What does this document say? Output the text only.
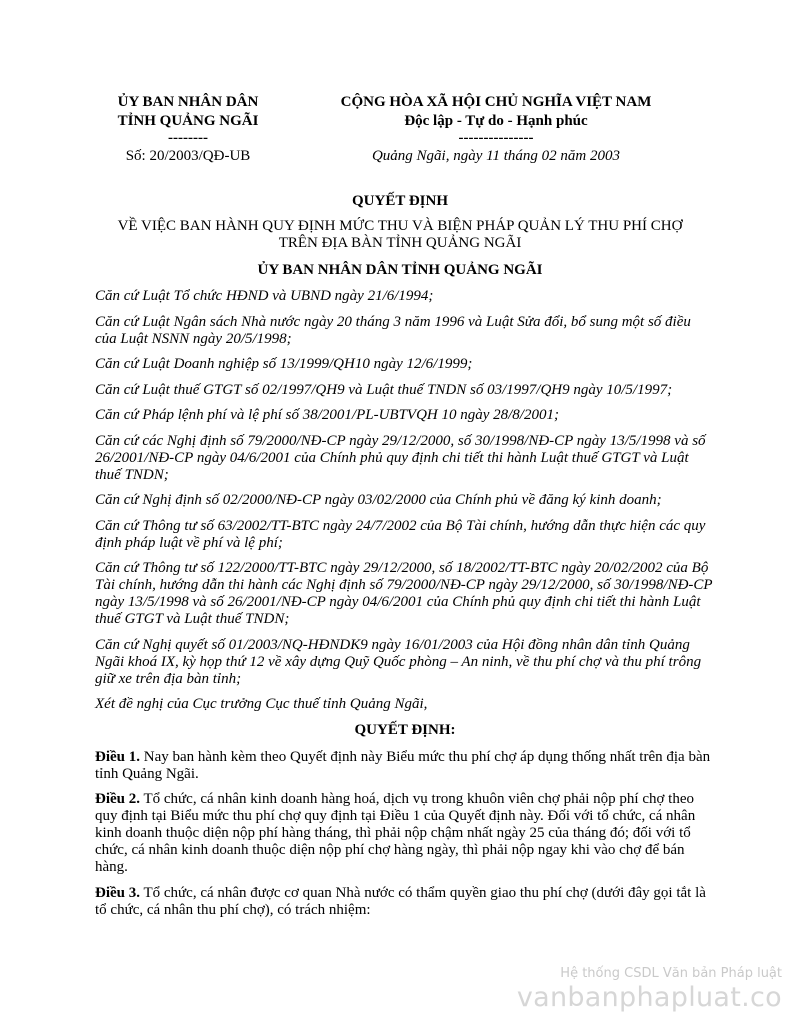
ỦY BAN NHÂN DÂN
TỈNH QUẢNG NGÃI
--------
Số: 20/2003/QĐ-UB
CỘNG HÒA XÃ HỘI CHỦ NGHĨA VIỆT NAM
Độc lập - Tự do - Hạnh phúc
---------------
Quảng Ngãi, ngày 11 tháng 02 năm 2003
QUYẾT ĐỊNH
VỀ VIỆC BAN HÀNH QUY ĐỊNH MỨC THU VÀ BIỆN PHÁP QUẢN LÝ THU PHÍ CHỢ
TRÊN ĐỊA BÀN TỈNH QUẢNG NGÃI
ỦY BAN NHÂN DÂN TỈNH QUẢNG NGÃI

Căn cứ Luật Tổ chức HĐND và UBND ngày 21/6/1994;

Căn cứ Luật Ngân sách Nhà nước ngày 20 tháng 3 năm 1996 và Luật Sửa đổi, bổ sung một số điều của Luật NSNN ngày 20/5/1998;

Căn cứ Luật Doanh nghiệp số 13/1999/QH10 ngày 12/6/1999;

Căn cứ Luật thuế GTGT số 02/1997/QH9 và Luật thuế TNDN số 03/1997/QH9 ngày 10/5/1997;

Căn cứ Pháp lệnh phí và lệ phí số 38/2001/PL-UBTVQH 10 ngày 28/8/2001;

Căn cứ các Nghị định số 79/2000/NĐ-CP ngày 29/12/2000, số 30/1998/NĐ-CP ngày 13/5/1998 và số 26/2001/NĐ-CP ngày 04/6/2001 của Chính phủ quy định chi tiết thi hành Luật thuế GTGT và Luật thuế TNDN;

Căn cứ Nghị định số 02/2000/NĐ-CP ngày 03/02/2000 của Chính phủ về đăng ký kinh doanh;

Căn cứ Thông tư số 63/2002/TT-BTC ngày 24/7/2002 của Bộ Tài chính, hướng dẫn thực hiện các quy định pháp luật về phí và lệ phí;

Căn cứ Thông tư số 122/2000/TT-BTC ngày 29/12/2000, số 18/2002/TT-BTC ngày 20/02/2002 của Bộ Tài chính, hướng dẫn thi hành các Nghị định số 79/2000/NĐ-CP ngày 29/12/2000, số 30/1998/NĐ-CP ngày 13/5/1998 và số 26/2001/NĐ-CP ngày 04/6/2001 của Chính phủ quy định chi tiết thi hành Luật thuế GTGT và Luật thuế TNDN;

Căn cứ Nghị quyết số 01/2003/NQ-HĐNDK9 ngày 16/01/2003 của Hội đồng nhân dân tỉnh Quảng Ngãi khoá IX, kỳ họp thứ 12 về xây dựng Quỹ Quốc phòng – An ninh, về thu phí chợ và thu phí trông giữ xe trên địa bàn tỉnh;

Xét đề nghị của Cục trưởng Cục thuế tỉnh Quảng Ngãi,

QUYẾT ĐỊNH:

Điều 1. Nay ban hành kèm theo Quyết định này Biểu mức thu phí chợ áp dụng thống nhất trên địa bàn tỉnh Quảng Ngãi.

Điều 2. Tổ chức, cá nhân kinh doanh hàng hoá, dịch vụ trong khuôn viên chợ phải nộp phí chợ theo quy định tại Biểu mức thu phí chợ quy định tại Điều 1 của Quyết định này. Đối với tổ chức, cá nhân kinh doanh thuộc diện nộp phí hàng tháng, thì phải nộp chậm nhất ngày 25 của tháng đó; đối với tổ chức, cá nhân kinh doanh thuộc diện nộp phí chợ hàng ngày, thì phải nộp ngay khi vào chợ để bán hàng.

Điều 3. Tổ chức, cá nhân được cơ quan Nhà nước có thẩm quyền giao thu phí chợ (dưới đây gọi tắt là tổ chức, cá nhân thu phí chợ), có trách nhiệm:

Hệ thống CSDL Văn bản Pháp luật
vanbanphapluat.co
